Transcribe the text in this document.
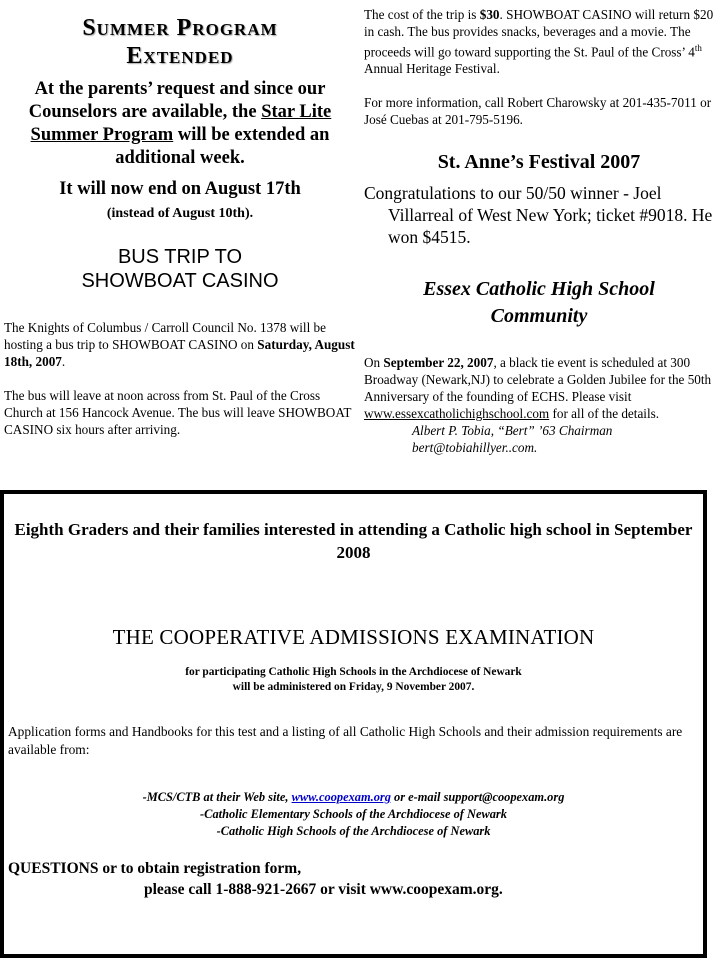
Summer Program
Extended
At the parents’ request and since our Counselors are available, the Star Lite Summer Program will be extended an additional week.
It will now end on August 17th
(instead of August 10th).
BUS TRIP TO
SHOWBOAT CASINO

The Knights of Columbus / Carroll Council No. 1378 will be hosting a bus trip to SHOWBOAT CASINO on Saturday, August 18th, 2007.

The bus will leave at noon across from St. Paul of the Cross Church at 156 Hancock Avenue. The bus will leave SHOWBOAT CASINO six hours after arriving.

The cost of the trip is $30. SHOWBOAT CASINO will return $20 in cash. The bus provides snacks, beverages and a movie. The proceeds will go toward supporting the St. Paul of the Cross’ 4th Annual Heritage Festival.

For more information, call Robert Charowsky at 201-435-7011 or José Cuebas at 201-795-5196.

St. Anne’s Festival 2007
Congratulations to our 50/50 winner - Joel Villarreal of West New York; ticket #9018. He won $4515.
Essex Catholic High School
Community
On September 22, 2007, a black tie event is scheduled at 300 Broadway (Newark,NJ) to celebrate a Golden Jubilee for the 50th Anniversary of the founding of ECHS. Please visit www.essexcatholichighschool.com for all of the details.
Albert P. Tobia, “Bert” ’63 Chairman
bert@tobiahillyer..com.
Eighth Graders and their families interested in attending a Catholic high school in September 2008
THE COOPERATIVE ADMISSIONS EXAMINATION
for participating Catholic High Schools in the Archdiocese of Newark
will be administered on Friday, 9 November 2007.
Application forms and Handbooks for this test and a listing of all Catholic High Schools and their admission requirements are available from:
-MCS/CTB at their Web site, www.coopexam.org or e-mail support@coopexam.org
-Catholic Elementary Schools of the Archdiocese of Newark
-Catholic High Schools of the Archdiocese of Newark
QUESTIONS or to obtain registration form,
please call 1-888-921-2667 or visit www.coopexam.org.
